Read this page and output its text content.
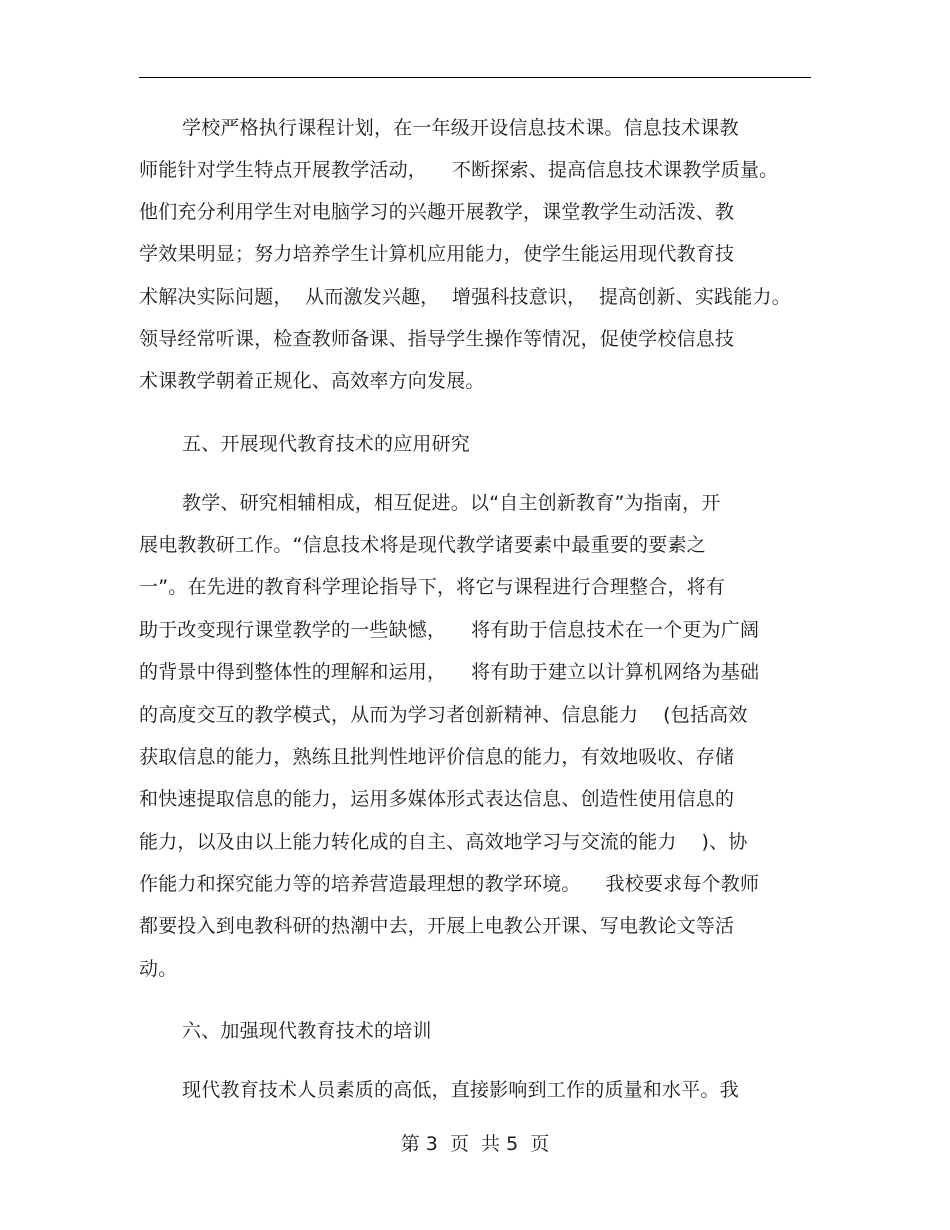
学校严格执行课程计划，在一年级开设信息技术课。信息技术课教
师能针对学生特点开展教学活动，    不断探索、提高信息技术课教学质量。
他们充分利用学生对电脑学习的兴趣开展教学，课堂教学生动活泼、教
学效果明显；努力培养学生计算机应用能力，使学生能运用现代教育技
术解决实际问题，  从而激发兴趣，  增强科技意识，  提高创新、实践能力。
领导经常听课，检查教师备课、指导学生操作等情况，促使学校信息技
术课教学朝着正规化、高效率方向发展。
五、开展现代教育技术的应用研究
教学、研究相辅相成，相互促进。以“自主创新教育”为指南，开
展电教教研工作。“信息技术将是现代教学诸要素中最重要的要素之
一”。在先进的教育科学理论指导下，将它与课程进行合理整合，将有
助于改变现行课堂教学的一些缺憾，    将有助于信息技术在一个更为广阔
的背景中得到整体性的理解和运用，    将有助于建立以计算机网络为基础
的高度交互的教学模式，从而为学习者创新精神、信息能力    (包括高效
获取信息的能力，熟练且批判性地评价信息的能力，有效地吸收、存储
和快速提取信息的能力，运用多媒体形式表达信息、创造性使用信息的
能力，以及由以上能力转化成的自主、高效地学习与交流的能力    )、协
作能力和探究能力等的培养营造最理想的教学环境。    我校要求每个教师
都要投入到电教科研的热潮中去，开展上电教公开课、写电教论文等活
动。
六、加强现代教育技术的培训
现代教育技术人员素质的高低，直接影响到工作的质量和水平。我
第 3  页  共 5  页
